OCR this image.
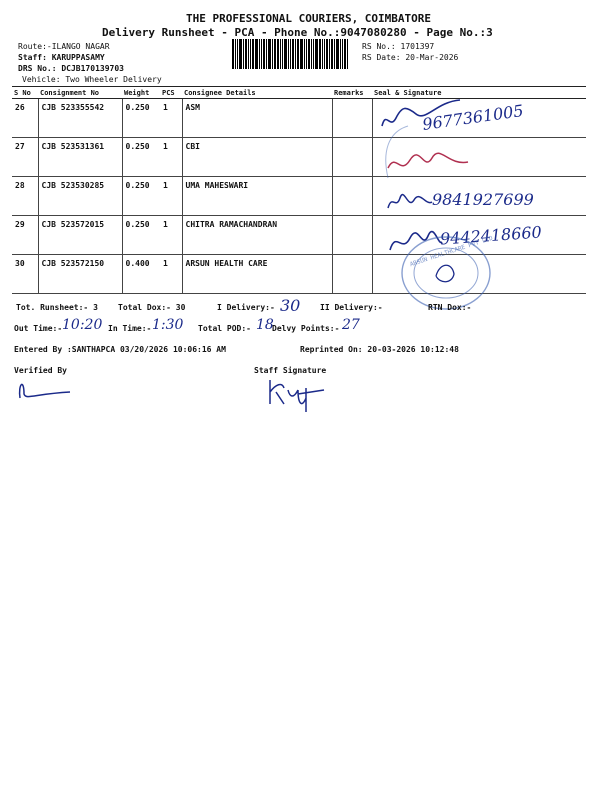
THE PROFESSIONAL COURIERS, COIMBATORE
Delivery Runsheet - PCA - Phone No.:9047080280 - Page No.:3
Route:-ILANGO NAGAR
Staff: KARUPPASAMY
DRS No.: DCJB170139703
Vehicle: Two Wheeler Delivery
RS No.: 1701397
RS Date: 20-Mar-2026
S No	Consignment No	Weight	PCS	Consignee Details	Remarks	Seal & Signature
26	CJB 523355542	0.250	1	ASM		
27	CJB 523531361	0.250	1	CBI		
28	CJB 523530285	0.250	1	UMA MAHESWARI		
29	CJB 523572015	0.250	1	CHITRA RAMACHANDRAN		
30	CJB 523572150	0.400	1	ARSUN HEALTH CARE		
9677361005
9841927699
9442418660
ARSUN HEALTHCARE PVT LTD
Tot. Runsheet:- 3	Total Dox:- 30	I Delivery:- 30 II Delivery:-	RTN Dox:-
Out Time:- 10:20 In Time:- 1:30 Total POD:- 18
Delvy Points:- 27
Entered By :SANTHAPCA 03/20/2026 10:06:16 AM	Reprinted On: 20-03-2026 10:12:48
Verified By	Staff Signature
